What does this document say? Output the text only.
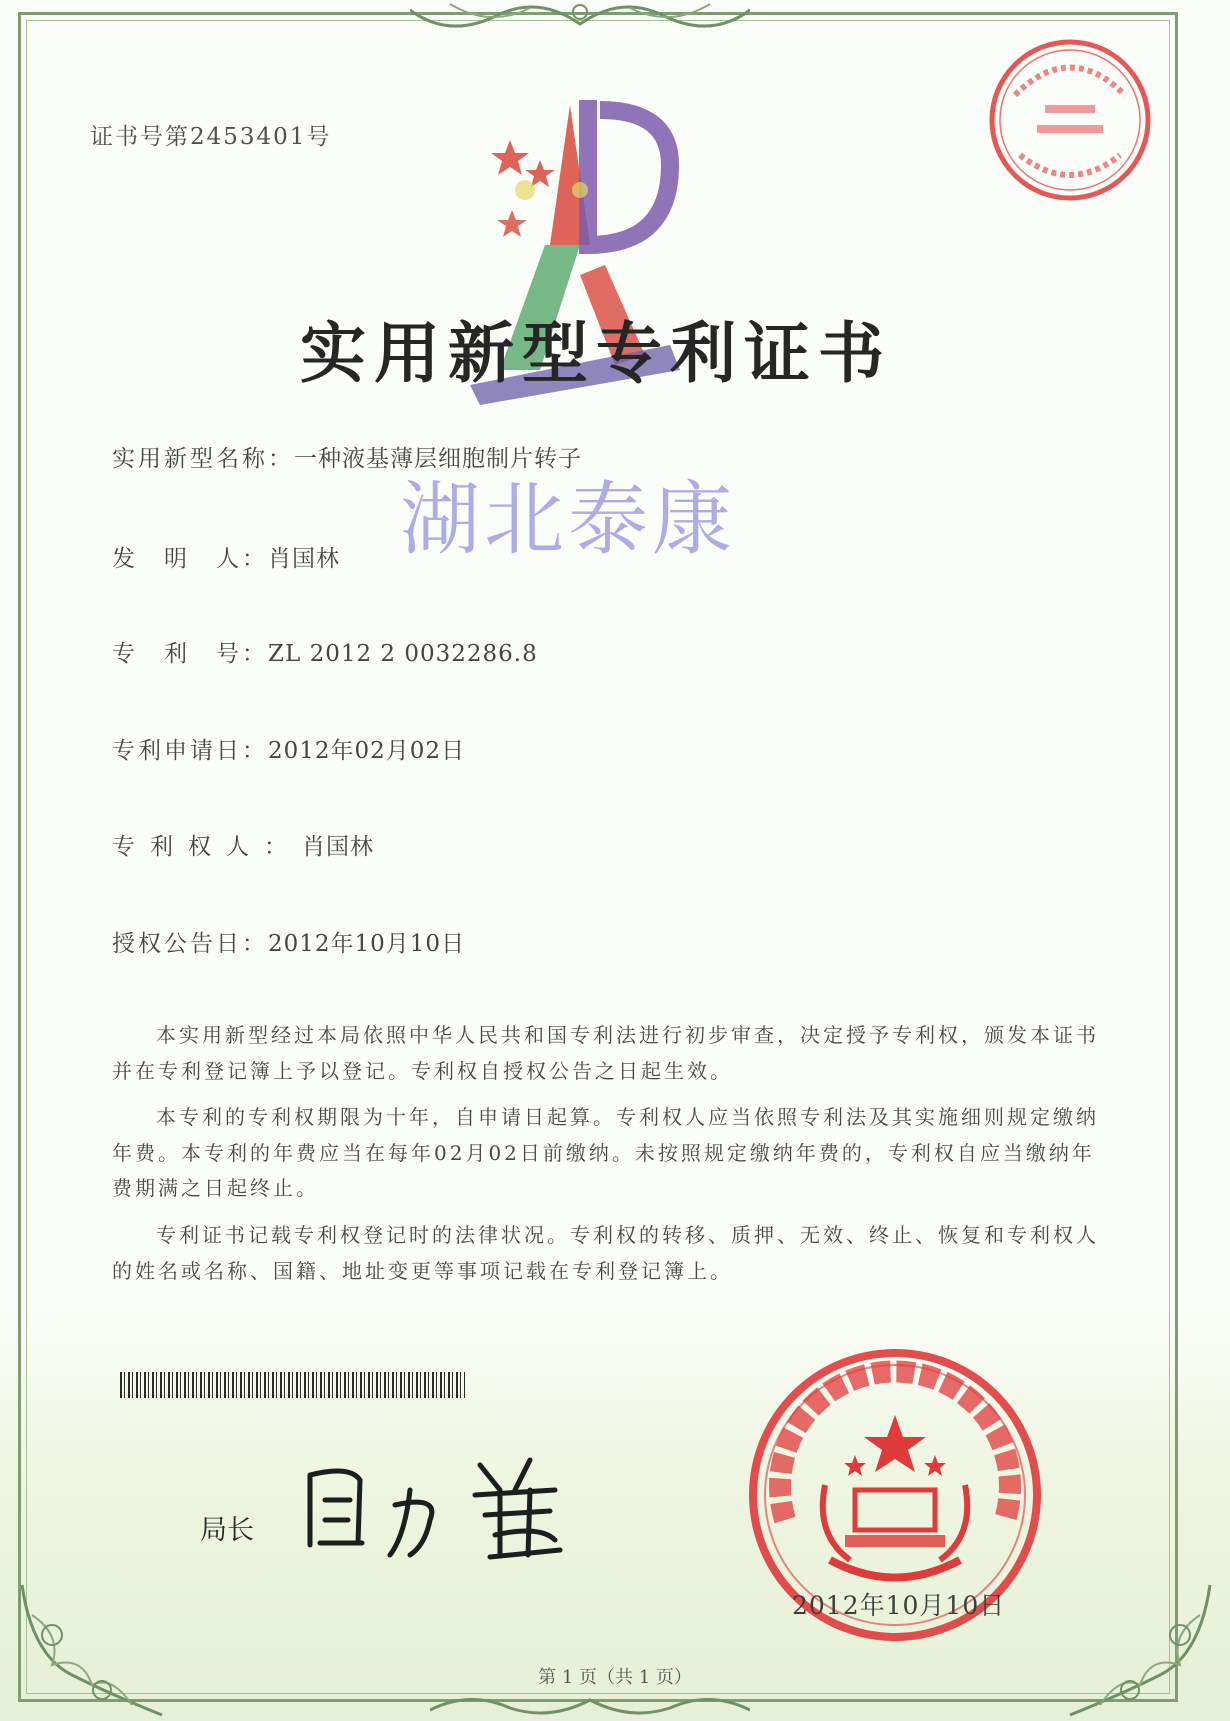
证书号第2453401号
实用新型专利证书
实用新型名称：一种液基薄层细胞制片转子
湖北泰康
发　明　人：肖国林
专　利　号：ZL 2012 2 0032286.8
专利申请日：2012年02月02日
专利权人：肖国林
授权公告日：2012年10月10日
本实用新型经过本局依照中华人民共和国专利法进行初步审查，决定授予专利权，颁发本证书并在专利登记簿上予以登记。专利权自授权公告之日起生效。
本专利的专利权期限为十年，自申请日起算。专利权人应当依照专利法及其实施细则规定缴纳年费。本专利的年费应当在每年02月02日前缴纳。未按照规定缴纳年费的，专利权自应当缴纳年费期满之日起终止。
专利证书记载专利权登记时的法律状况。专利权的转移、质押、无效、终止、恢复和专利权人的姓名或名称、国籍、地址变更等事项记载在专利登记簿上。
局长
2012年10月10日
第 1 页（共 1 页）
